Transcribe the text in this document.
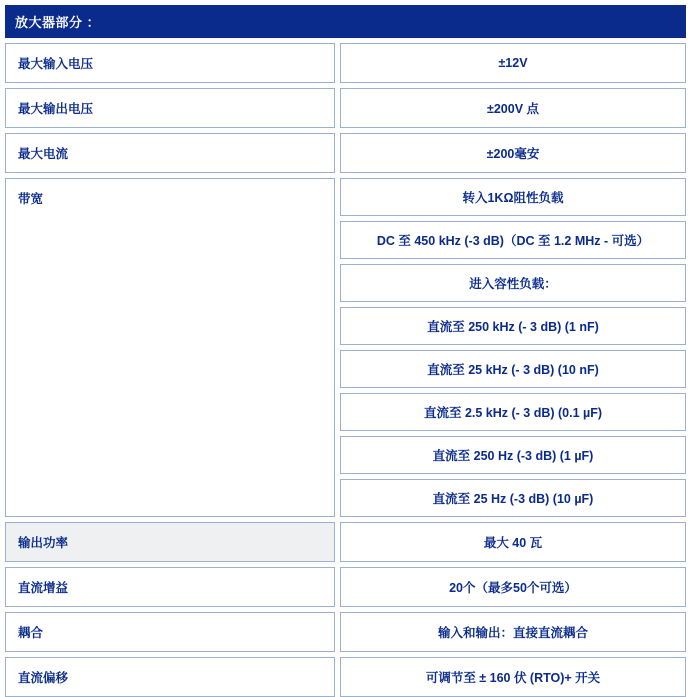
放大器部分 ：
最大输入电压	±12V
最大输出电压	±200V 点
最大电流	±200毫安
带宽	转入1KΩ阻性负载
DC 至 450 kHz (-3 dB)（DC 至 1.2 MHz - 可选）
进入容性负载：
直流至 250 kHz (- 3 dB) (1 nF)
直流至 25 kHz (- 3 dB) (10 nF)
直流至 2.5 kHz (- 3 dB) (0.1 µF)
直流至 250 Hz (-3 dB) (1 µF)
直流至 25 Hz (-3 dB) (10 µF)
输出功率	最大 40 瓦
直流增益	20个（最多50个可选）
耦合	输入和输出：直接直流耦合
直流偏移	可调节至 ± 160 伏 (RTO)+ 开关
